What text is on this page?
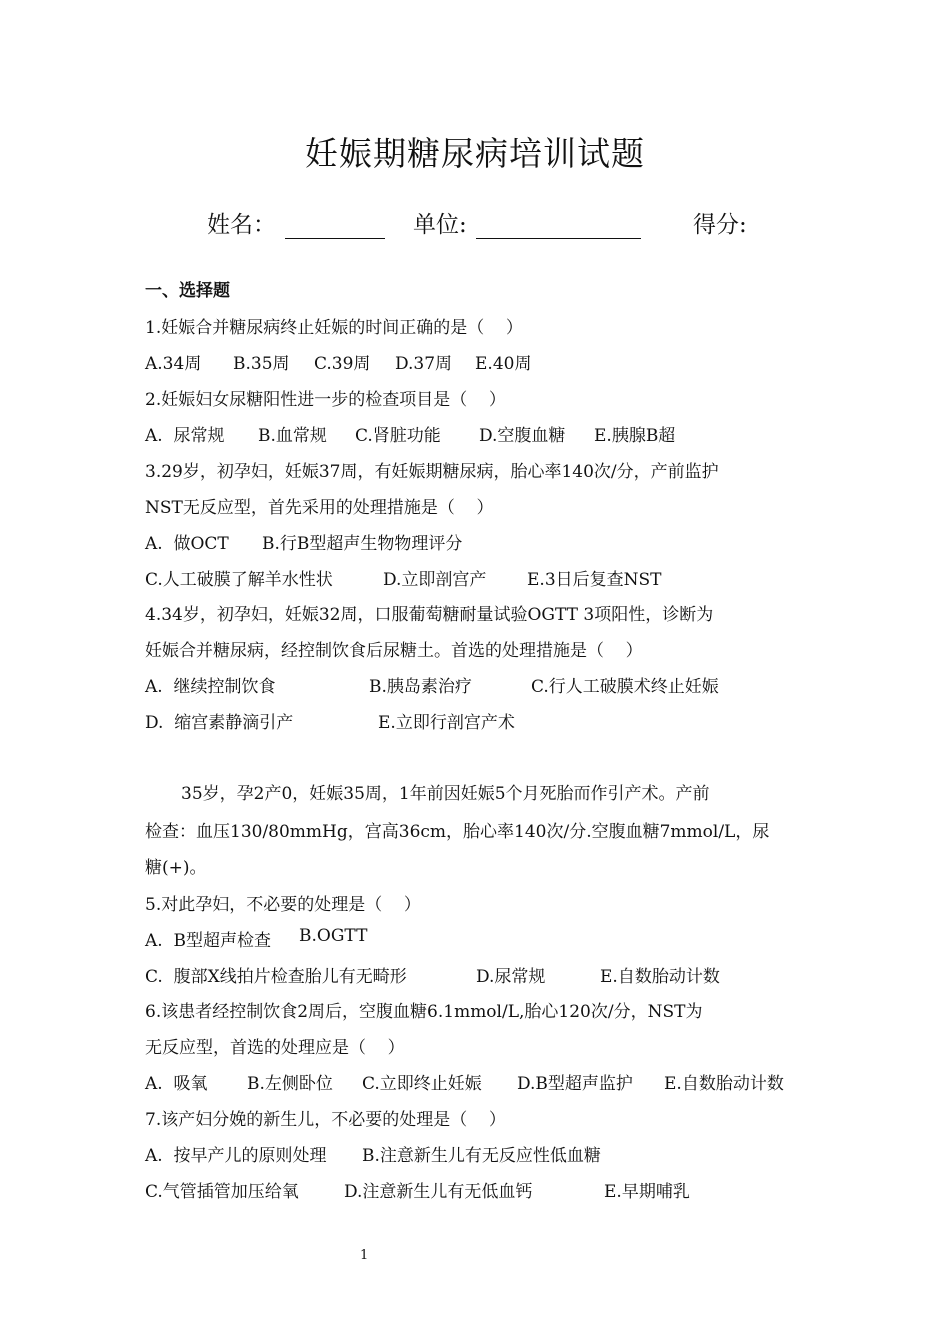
妊娠期糖尿病培训试题
姓名：	单位:	得分:
一、选择题
1.妊娠合并糖尿病终止妊娠的时间正确的是（    ）
A.34周 B.35周 C.39周 D.37周 E.40周
2.妊娠妇女尿糖阳性进一步的检查项目是（    ）
A.  尿常规 B.血常规 C.肾脏功能 D.空腹血糖 E.胰腺B超
3.29岁，初孕妇，妊娠37周，有妊娠期糖尿病，胎心率140次/分，产前监护
NST无反应型，首先采用的处理措施是（    ）
A.  做OCT B.行B型超声生物物理评分
C.人工破膜了解羊水性状	D.立即剖宫产 E.3日后复查NST
4.34岁，初孕妇，妊娠32周，口服葡萄糖耐量试验OGTT 3项阳性，诊断为
妊娠合并糖尿病，经控制饮食后尿糖土。首选的处理措施是（    ）
A.  继续控制饮食	B.胰岛素治疗	C.行人工破膜术终止妊娠
D.  缩宫素静滴引产	E.立即行剖宫产术
35岁，孕2产0，妊娠35周，1年前因妊娠5个月死胎而作引产术。产前
检查：血压130/80mmHg，宫高36cm，胎心率140次/分.空腹血糖7mmol/L，尿
糖(+)。
5.对此孕妇，不必要的处理是（    ）
A.  B型超声检查 B.OGTT
C.  腹部X线拍片检查胎儿有无畸形	D.尿常规	E.自数胎动计数
6.该患者经控制饮食2周后，空腹血糖6.1mmol/L,胎心120次/分，NST为
无反应型，首选的处理应是（    ）
A.  吸氧 B.左侧卧位 C.立即终止妊娠 D.B型超声监护 E.自数胎动计数
7.该产妇分娩的新生儿，不必要的处理是（    ）
A.  按早产儿的原则处理 B.注意新生儿有无反应性低血糖
C.气管插管加压给氧	D.注意新生儿有无低血钙	E.早期哺乳
1
